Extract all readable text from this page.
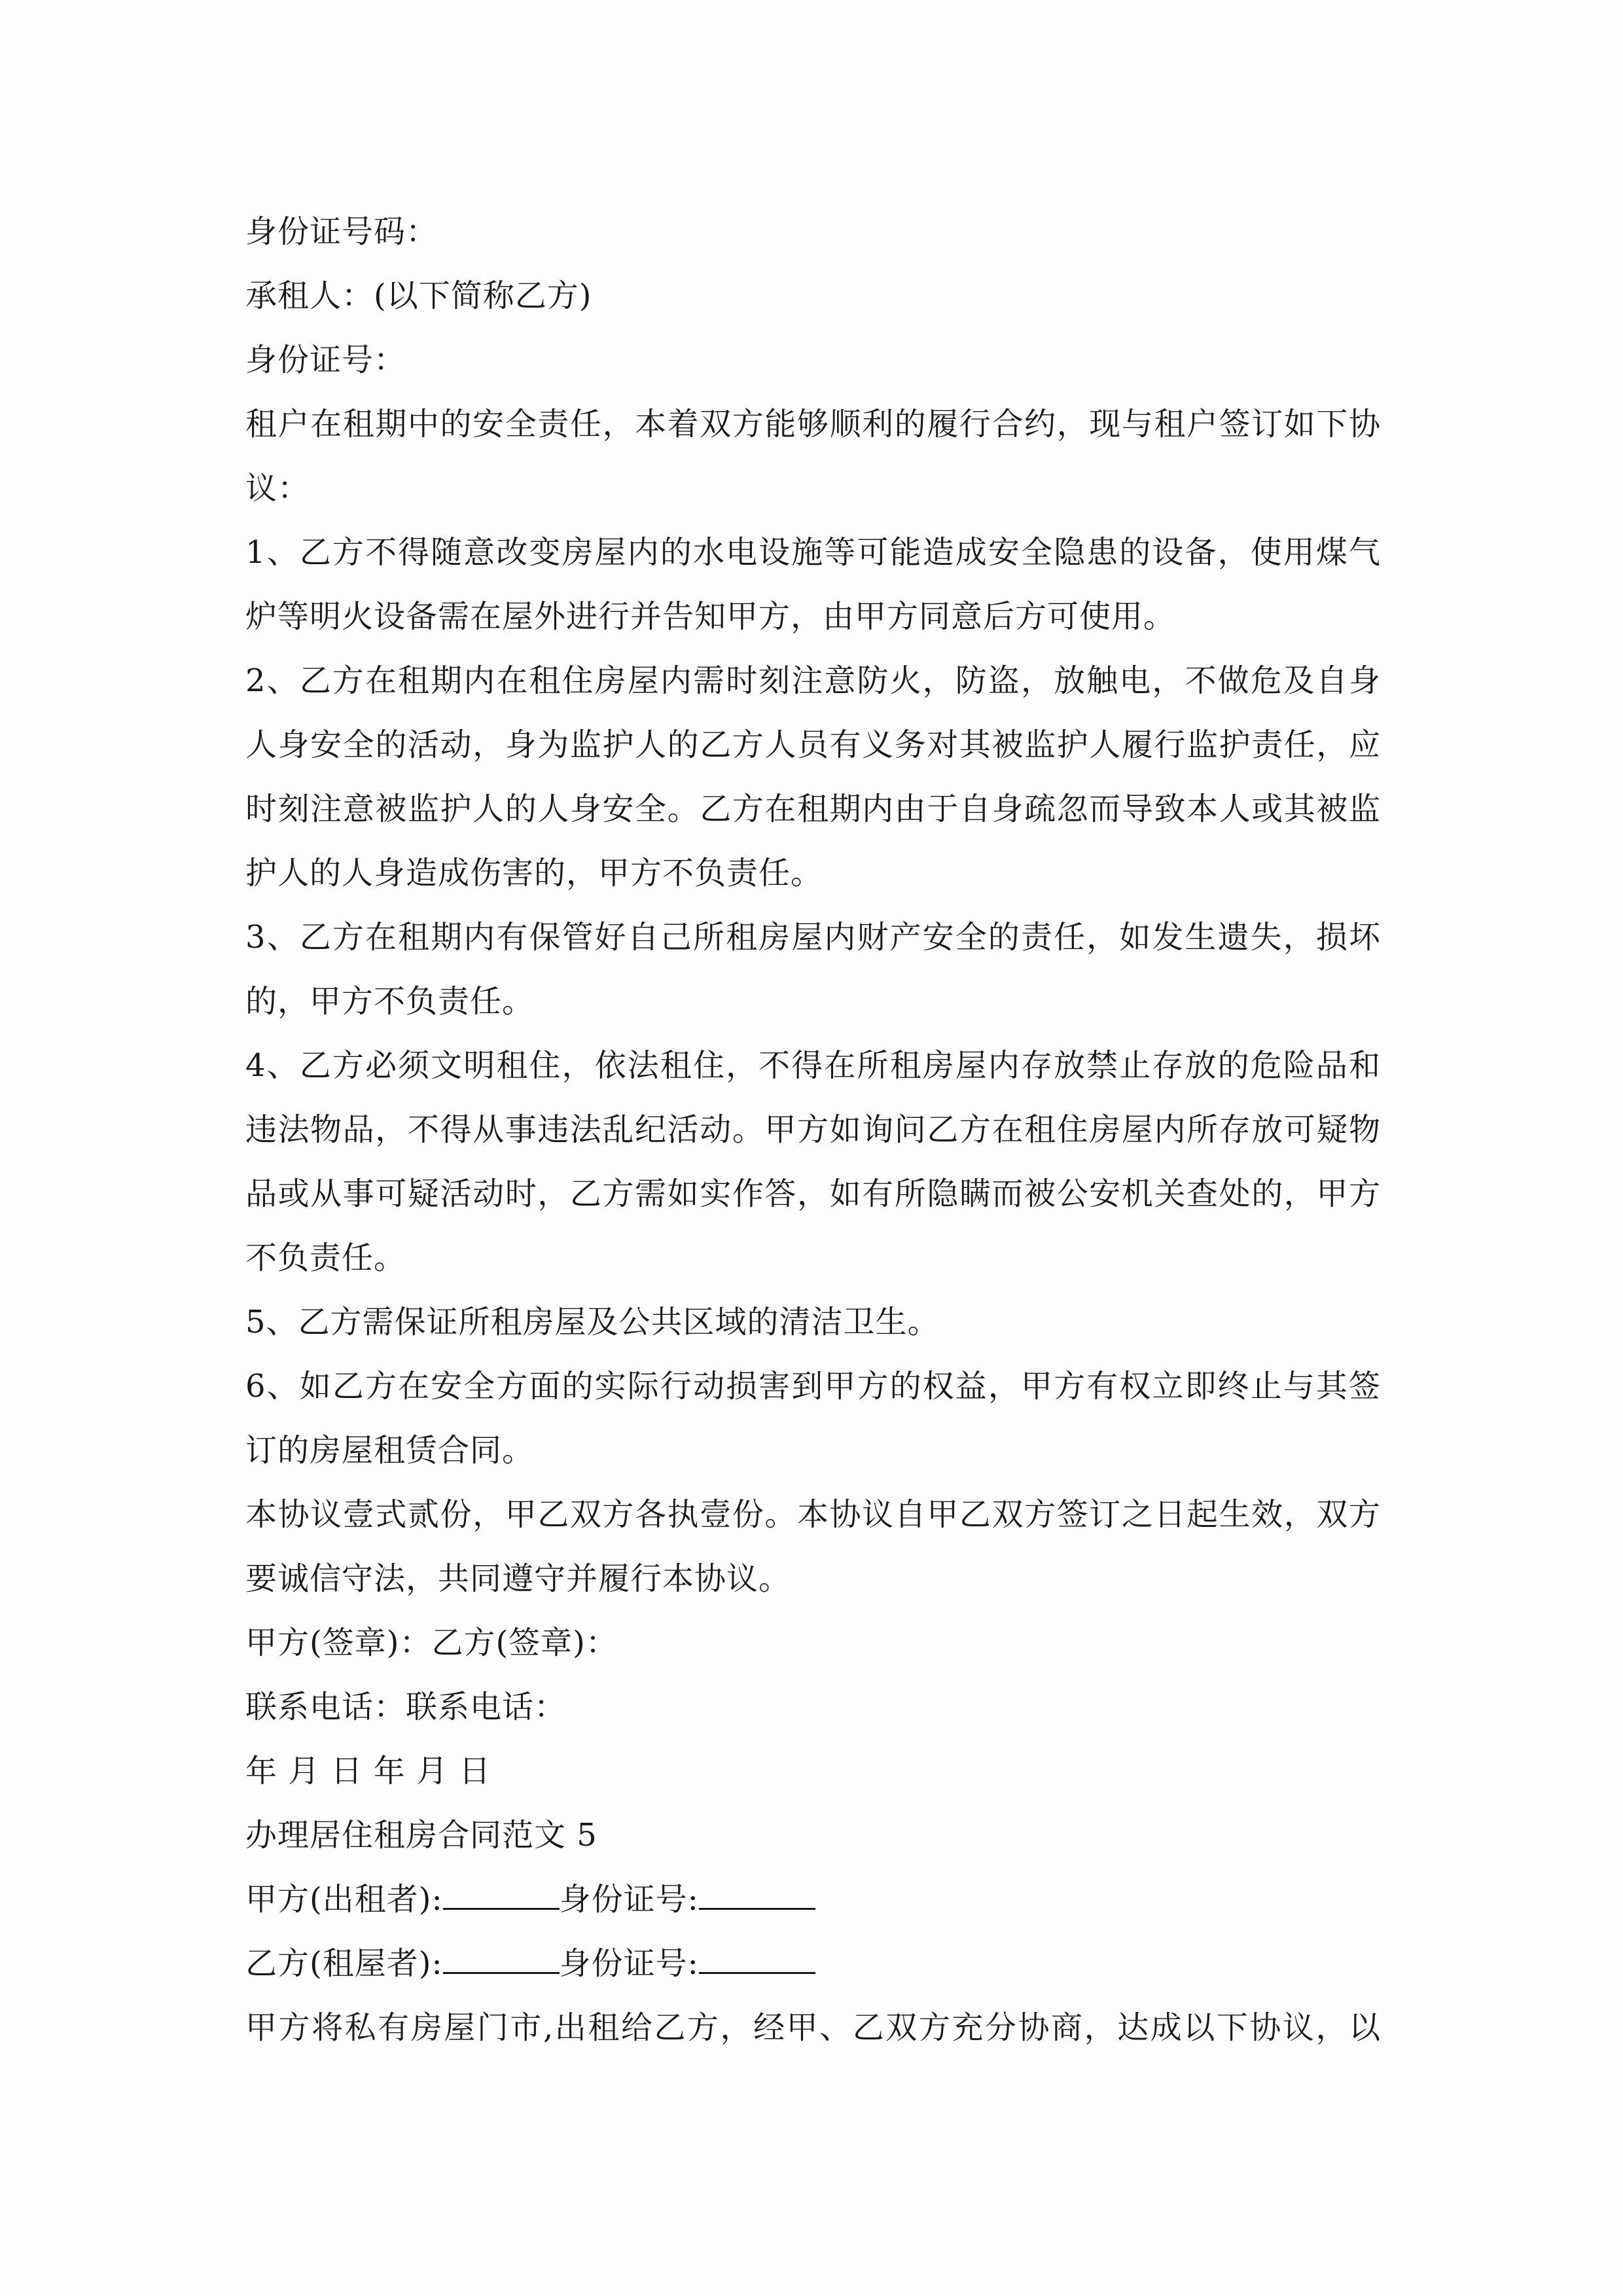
身份证号码：
承租人：(以下简称乙方)
身份证号：
租户在租期中的安全责任，本着双方能够顺利的履行合约，现与租户签订如下协
议：
1、乙方不得随意改变房屋内的水电设施等可能造成安全隐患的设备，使用煤气
炉等明火设备需在屋外进行并告知甲方，由甲方同意后方可使用。
2、乙方在租期内在租住房屋内需时刻注意防火，防盗，放触电，不做危及自身
人身安全的活动，身为监护人的乙方人员有义务对其被监护人履行监护责任，应
时刻注意被监护人的人身安全。乙方在租期内由于自身疏忽而导致本人或其被监
护人的人身造成伤害的，甲方不负责任。
3、乙方在租期内有保管好自己所租房屋内财产安全的责任，如发生遗失，损坏
的，甲方不负责任。
4、乙方必须文明租住，依法租住，不得在所租房屋内存放禁止存放的危险品和
违法物品，不得从事违法乱纪活动。甲方如询问乙方在租住房屋内所存放可疑物
品或从事可疑活动时，乙方需如实作答，如有所隐瞒而被公安机关查处的，甲方
不负责任。
5、乙方需保证所租房屋及公共区域的清洁卫生。
6、如乙方在安全方面的实际行动损害到甲方的权益，甲方有权立即终止与其签
订的房屋租赁合同。
本协议壹式贰份，甲乙双方各执壹份。本协议自甲乙双方签订之日起生效，双方
要诚信守法，共同遵守并履行本协议。
甲方(签章)：乙方(签章)：
联系电话：联系电话：
年 月 日 年 月 日
办理居住租房合同范文 5
甲方(出租者):	身份证号:
乙方(租屋者):	身份证号:
甲方将私有房屋门市,出租给乙方，经甲、乙双方充分协商，达成以下协议，以
